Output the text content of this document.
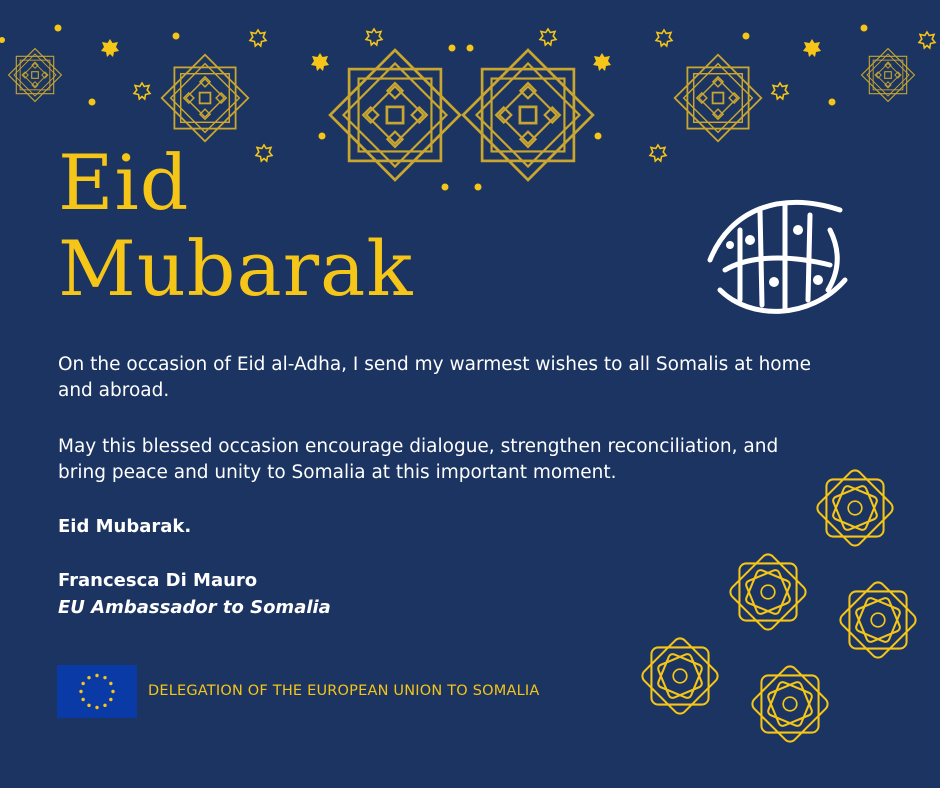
Eid
Mubarak
On the occasion of Eid al-Adha, I send my warmest wishes to all Somalis at home and abroad.
May this blessed occasion encourage dialogue, strengthen reconciliation, and bring peace and unity to Somalia at this important moment.
Eid Mubarak.
Francesca Di Mauro
EU Ambassador to Somalia
DELEGATION OF THE EUROPEAN UNION TO SOMALIA
